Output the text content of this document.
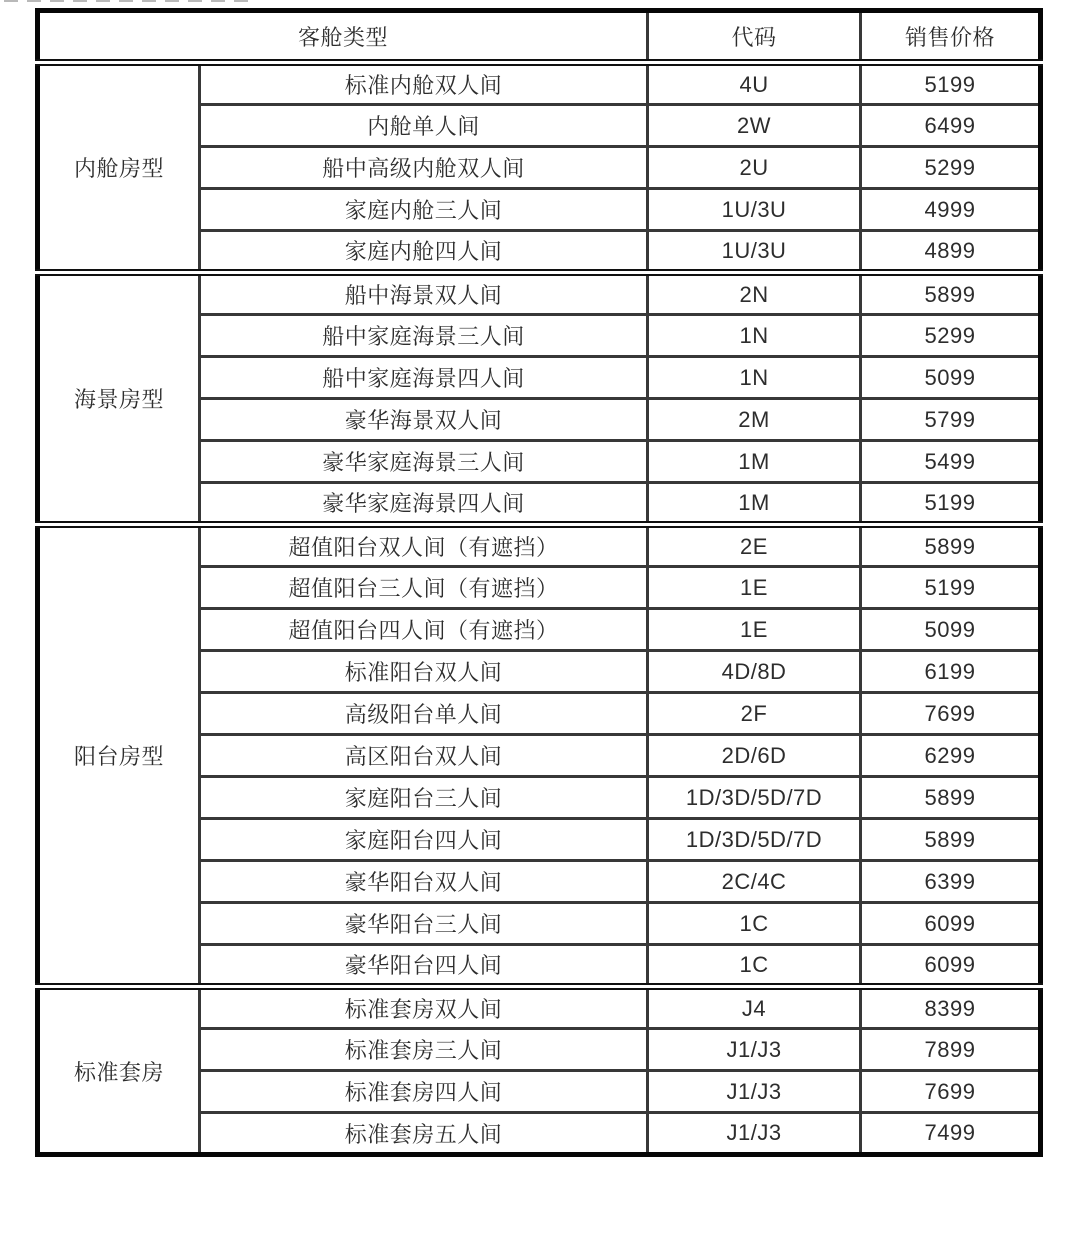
客舱类型		代码	销售价格
内舱房型	标准内舱双人间	4U	5199
	内舱单人间	2W	6499
	船中高级内舱双人间	2U	5299
	家庭内舱三人间	1U/3U	4999
	家庭内舱四人间	1U/3U	4899
海景房型	船中海景双人间	2N	5899
	船中家庭海景三人间	1N	5299
	船中家庭海景四人间	1N	5099
	豪华海景双人间	2M	5799
	豪华家庭海景三人间	1M	5499
	豪华家庭海景四人间	1M	5199
阳台房型	超值阳台双人间（有遮挡）	2E	5899
	超值阳台三人间（有遮挡）	1E	5199
	超值阳台四人间（有遮挡）	1E	5099
	标准阳台双人间	4D/8D	6199
	高级阳台单人间	2F	7699
	高区阳台双人间	2D/6D	6299
	家庭阳台三人间	1D/3D/5D/7D	5899
	家庭阳台四人间	1D/3D/5D/7D	5899
	豪华阳台双人间	2C/4C	6399
	豪华阳台三人间	1C	6099
	豪华阳台四人间	1C	6099
标准套房	标准套房双人间	J4	8399
	标准套房三人间	J1/J3	7899
	标准套房四人间	J1/J3	7699
	标准套房五人间	J1/J3	7499
